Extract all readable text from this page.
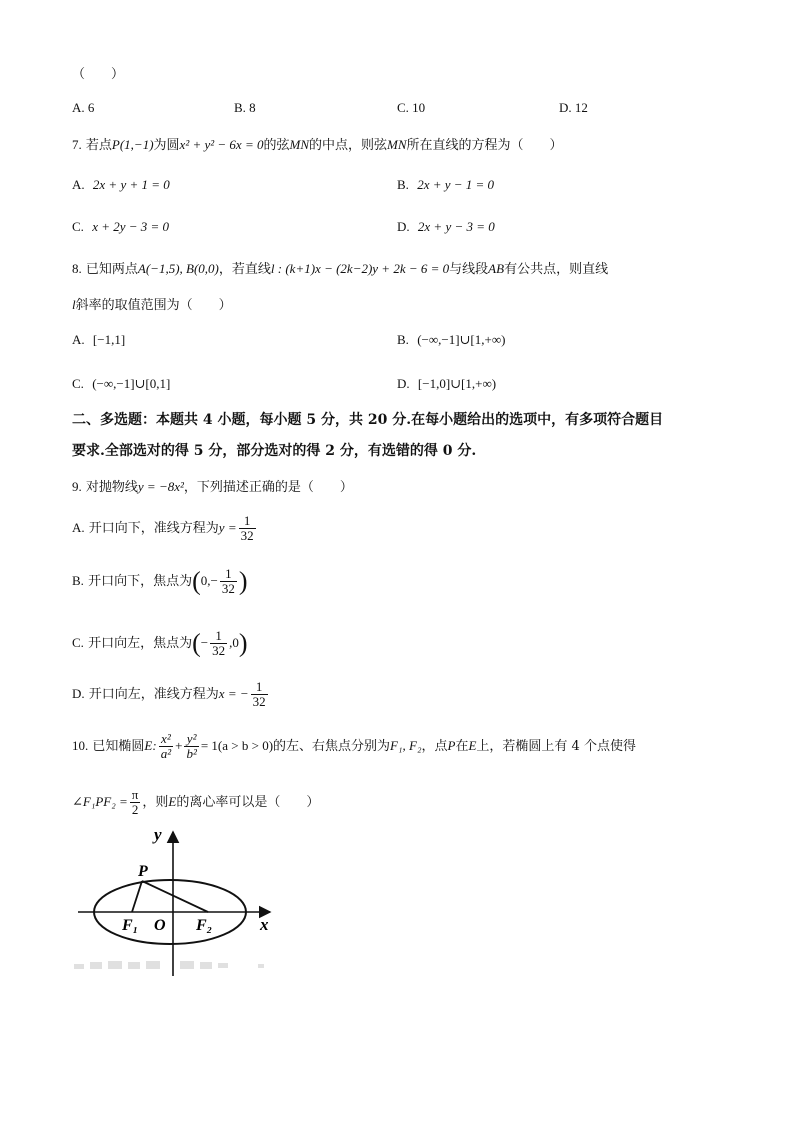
（　　）
A. 6	B. 8	C. 10	D. 12
7. 若点P(1,−1)为圆x² + y² − 6x = 0的弦MN的中点，则弦MN所在直线的方程为（　　）
A. 2x + y + 1 = 0	B. 2x + y − 1 = 0
C. x + 2y − 3 = 0	D. 2x + y − 3 = 0
8. 已知两点A(−1,5), B(0,0)，若直线l : (k+1)x − (2k−2)y + 2k − 6 = 0与线段AB有公共点，则直线
l斜率的取值范围为（　　）
A. [−1,1]	B. (−∞,−1]∪[1,+∞)
C. (−∞,−1]∪[0,1]	D. [−1,0]∪[1,+∞)
二、多选题：本题共 4 小题，每小题 5 分，共 20 分.在每小题给出的选项中，有多项符合题目
要求.全部选对的得 5 分，部分选对的得 2 分，有选错的得 0 分.
9. 对抛物线y = −8x²，下列描述正确的是（　　）
A. 开口向下，准线方程为$y = \frac{1}{32}$
B. 开口向下，焦点为($0,- \frac{1}{32}$ )
C. 开口向左，焦点为(− $\frac{1}{32} ,0$)
D. 开口向左，准线方程为x = − $\frac{1}{32}$
10. 已知椭圆E: $\frac{\text{x²}}{\text{a²}} + \frac{\text{y²}}{\text{b²}} = 1(a > b > 0)$的左、右焦点分别为F₁, F₂，点P在E上，若椭圆上有 4 个点使得
∠F₁PF₂ = $\frac{\pi}{2}$ ，则E的离心率可以是（　　）
y
x
P
O
F₁	F₂
